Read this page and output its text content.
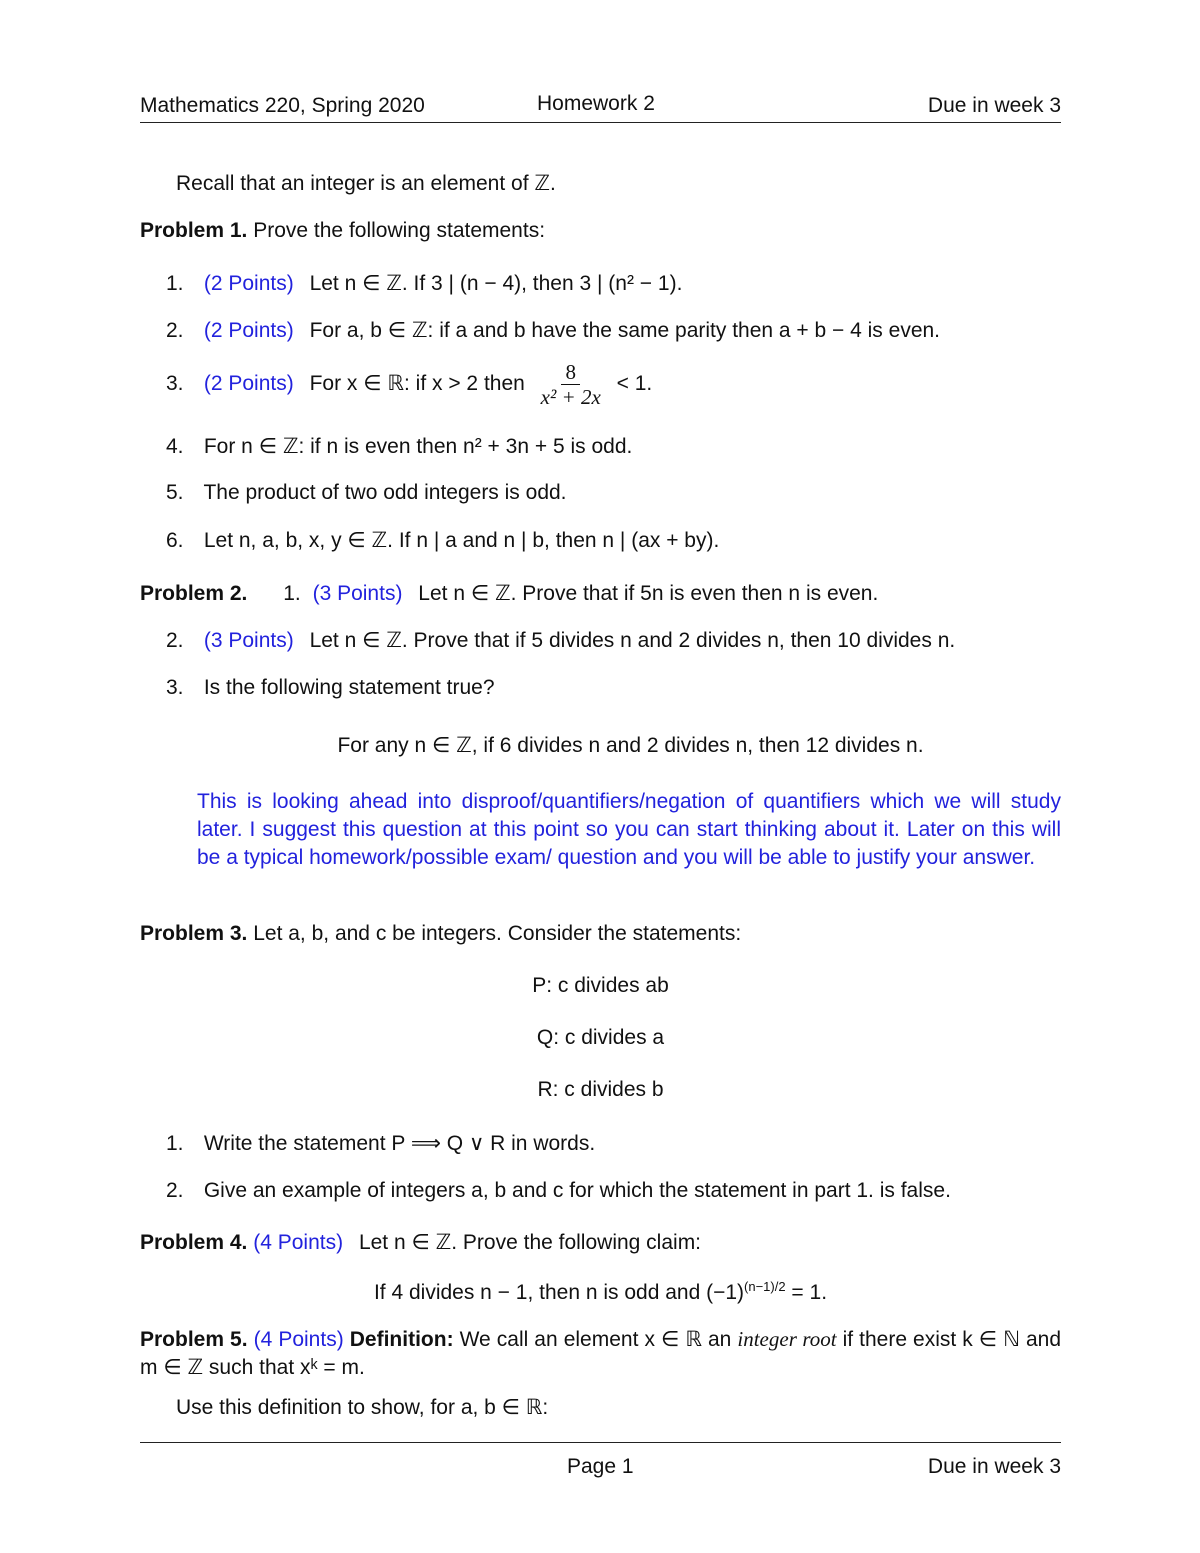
Mathematics 220, Spring 2020	Homework 2	Due in week 3
Recall that an integer is an element of ℤ.
Problem 1. Prove the following statements:
1. (2 Points) Let n ∈ ℤ. If 3 | (n − 4), then 3 | (n² − 1).
2. (2 Points) For a, b ∈ ℤ: if a and b have the same parity then a + b − 4 is even.
3. (2 Points) For x ∈ ℝ: if x > 2 then $\frac{8}{\text{x² + 2x}} < 1$.
4. For n ∈ ℤ: if n is even then n² + 3n + 5 is odd.
5. The product of two odd integers is odd.
6. Let n, a, b, x, y ∈ ℤ. If n | a and n | b, then n | (ax + by).
Problem 2. 1. (3 Points) Let n ∈ ℤ. Prove that if 5n is even then n is even.
2. (3 Points) Let n ∈ ℤ. Prove that if 5 divides n and 2 divides n, then 10 divides n.
3. Is the following statement true?
For any n ∈ ℤ, if 6 divides n and 2 divides n, then 12 divides n.
This is looking ahead into disproof/quantifiers/negation of quantifiers which we will study later. I suggest this question at this point so you can start thinking about it. Later on this will be a typical homework/possible exam/ question and you will be able to justify your answer.
Problem 3. Let a, b, and c be integers. Consider the statements:
P: c divides ab
Q: c divides a
R: c divides b
1. Write the statement P ⟹ Q ∨ R in words.
2. Give an example of integers a, b and c for which the statement in part 1. is false.
Problem 4. (4 Points) Let n ∈ ℤ. Prove the following claim:
If 4 divides n − 1, then n is odd and $(-1)^{(n-1)/2} = 1$.
Problem 5. (4 Points) Definition: We call an element x ∈ ℝ an integer root if there exist k ∈ ℕ and m ∈ ℤ such that xᵏ = m.
Use this definition to show, for a, b ∈ ℝ:
Page 1	Due in week 3
